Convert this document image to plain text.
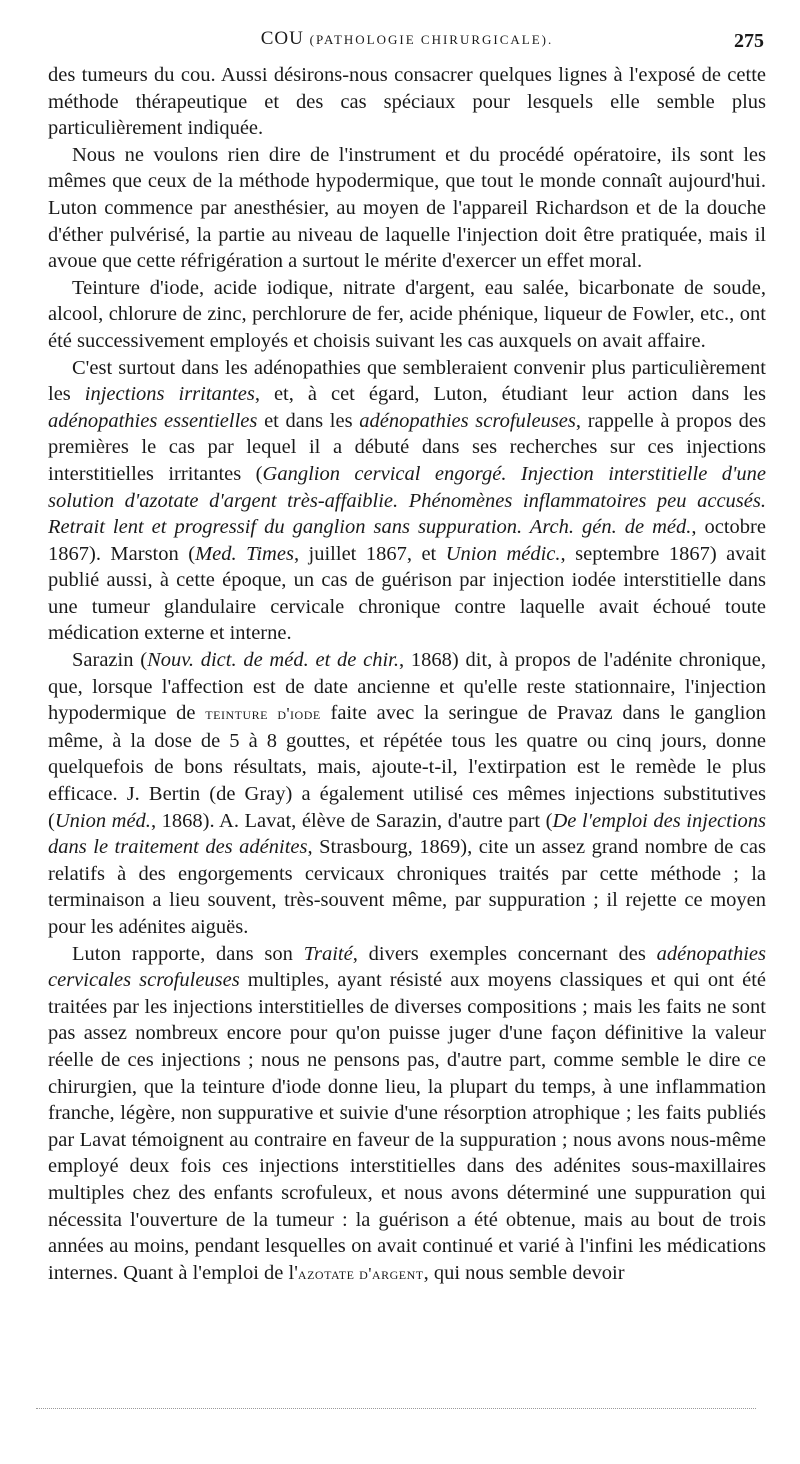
COU (PATHOLOGIE CHIRURGICALE).	275

des tumeurs du cou. Aussi désirons-nous consacrer quelques lignes à l'exposé de cette méthode thérapeutique et des cas spéciaux pour lesquels elle semble plus particulièrement indiquée.

Nous ne voulons rien dire de l'instrument et du procédé opératoire, ils sont les mêmes que ceux de la méthode hypodermique, que tout le monde connaît aujourd'hui. Luton commence par anesthésier, au moyen de l'appareil Richardson et de la douche d'éther pulvérisé, la partie au niveau de laquelle l'injection doit être pratiquée, mais il avoue que cette réfrigération a surtout le mérite d'exercer un effet moral.

Teinture d'iode, acide iodique, nitrate d'argent, eau salée, bicarbonate de soude, alcool, chlorure de zinc, perchlorure de fer, acide phénique, liqueur de Fowler, etc., ont été successivement employés et choisis suivant les cas auxquels on avait affaire.

C'est surtout dans les adénopathies que sembleraient convenir plus particulièrement les injections irritantes, et, à cet égard, Luton, étudiant leur action dans les adénopathies essentielles et dans les adénopathies scrofuleuses, rappelle à propos des premières le cas par lequel il a débuté dans ses recherches sur ces injections interstitielles irritantes (Ganglion cervical engorgé. Injection interstitielle d'une solution d'azotate d'argent très-affaiblie. Phénomènes inflammatoires peu accusés. Retrait lent et progressif du ganglion sans suppuration. Arch. gén. de méd., octobre 1867). Marston (Med. Times, juillet 1867, et Union médic., septembre 1867) avait publié aussi, à cette époque, un cas de guérison par injection iodée interstitielle dans une tumeur glandulaire cervicale chronique contre laquelle avait échoué toute médication externe et interne.

Sarazin (Nouv. dict. de méd. et de chir., 1868) dit, à propos de l'adénite chronique, que, lorsque l'affection est de date ancienne et qu'elle reste stationnaire, l'injection hypodermique de teinture d'iode faite avec la seringue de Pravaz dans le ganglion même, à la dose de 5 à 8 gouttes, et répétée tous les quatre ou cinq jours, donne quelquefois de bons résultats, mais, ajoute-t-il, l'extirpation est le remède le plus efficace. J. Bertin (de Gray) a également utilisé ces mêmes injections substitutives (Union méd., 1868). A. Lavat, élève de Sarazin, d'autre part (De l'emploi des injections dans le traitement des adénites, Strasbourg, 1869), cite un assez grand nombre de cas relatifs à des engorgements cervicaux chroniques traités par cette méthode ; la terminaison a lieu souvent, très-souvent même, par suppuration ; il rejette ce moyen pour les adénites aiguës.

Luton rapporte, dans son Traité, divers exemples concernant des adénopathies cervicales scrofuleuses multiples, ayant résisté aux moyens classiques et qui ont été traitées par les injections interstitielles de diverses compositions ; mais les faits ne sont pas assez nombreux encore pour qu'on puisse juger d'une façon définitive la valeur réelle de ces injections ; nous ne pensons pas, d'autre part, comme semble le dire ce chirurgien, que la teinture d'iode donne lieu, la plupart du temps, à une inflammation franche, légère, non suppurative et suivie d'une résorption atrophique ; les faits publiés par Lavat témoignent au contraire en faveur de la suppuration ; nous avons nous-même employé deux fois ces injections interstitielles dans des adénites sous-maxillaires multiples chez des enfants scrofuleux, et nous avons déterminé une suppuration qui nécessita l'ouverture de la tumeur : la guérison a été obtenue, mais au bout de trois années au moins, pendant lesquelles on avait continué et varié à l'infini les médications internes. Quant à l'emploi de l'azotate d'argent, qui nous semble devoir
